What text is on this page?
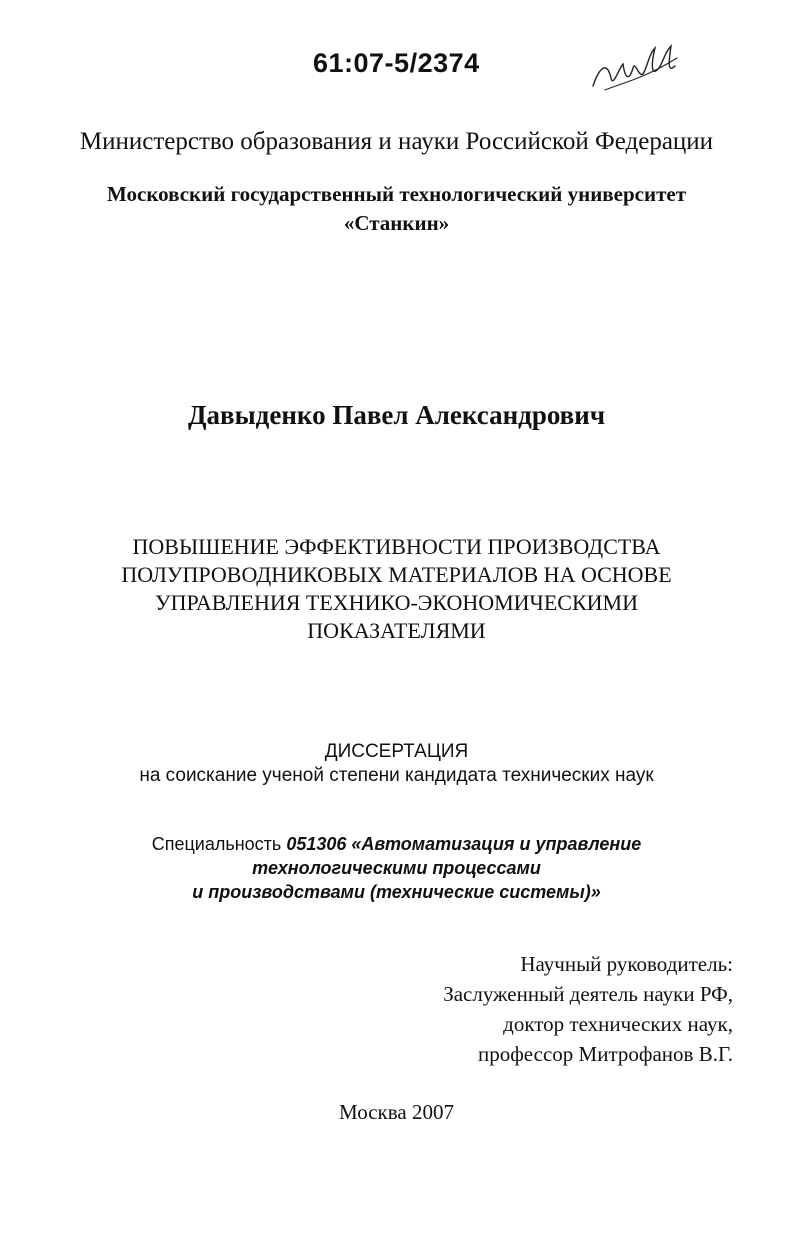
61:07-5/2374
Министерство образования и науки Российской Федерации
Московский государственный технологический университет
«Станкин»
Давыденко Павел Александрович
ПОВЫШЕНИЕ ЭФФЕКТИВНОСТИ ПРОИЗВОДСТВА
ПОЛУПРОВОДНИКОВЫХ МАТЕРИАЛОВ НА ОСНОВЕ
УПРАВЛЕНИЯ ТЕХНИКО-ЭКОНОМИЧЕСКИМИ
ПОКАЗАТЕЛЯМИ
ДИССЕРТАЦИЯ
на соискание ученой степени кандидата технических наук
Специальность 051306 «Автоматизация и управление
технологическими процессами
и производствами (технические системы)»
Научный руководитель:
Заслуженный деятель науки РФ,
доктор технических наук,
профессор Митрофанов В.Г.
Москва 2007
